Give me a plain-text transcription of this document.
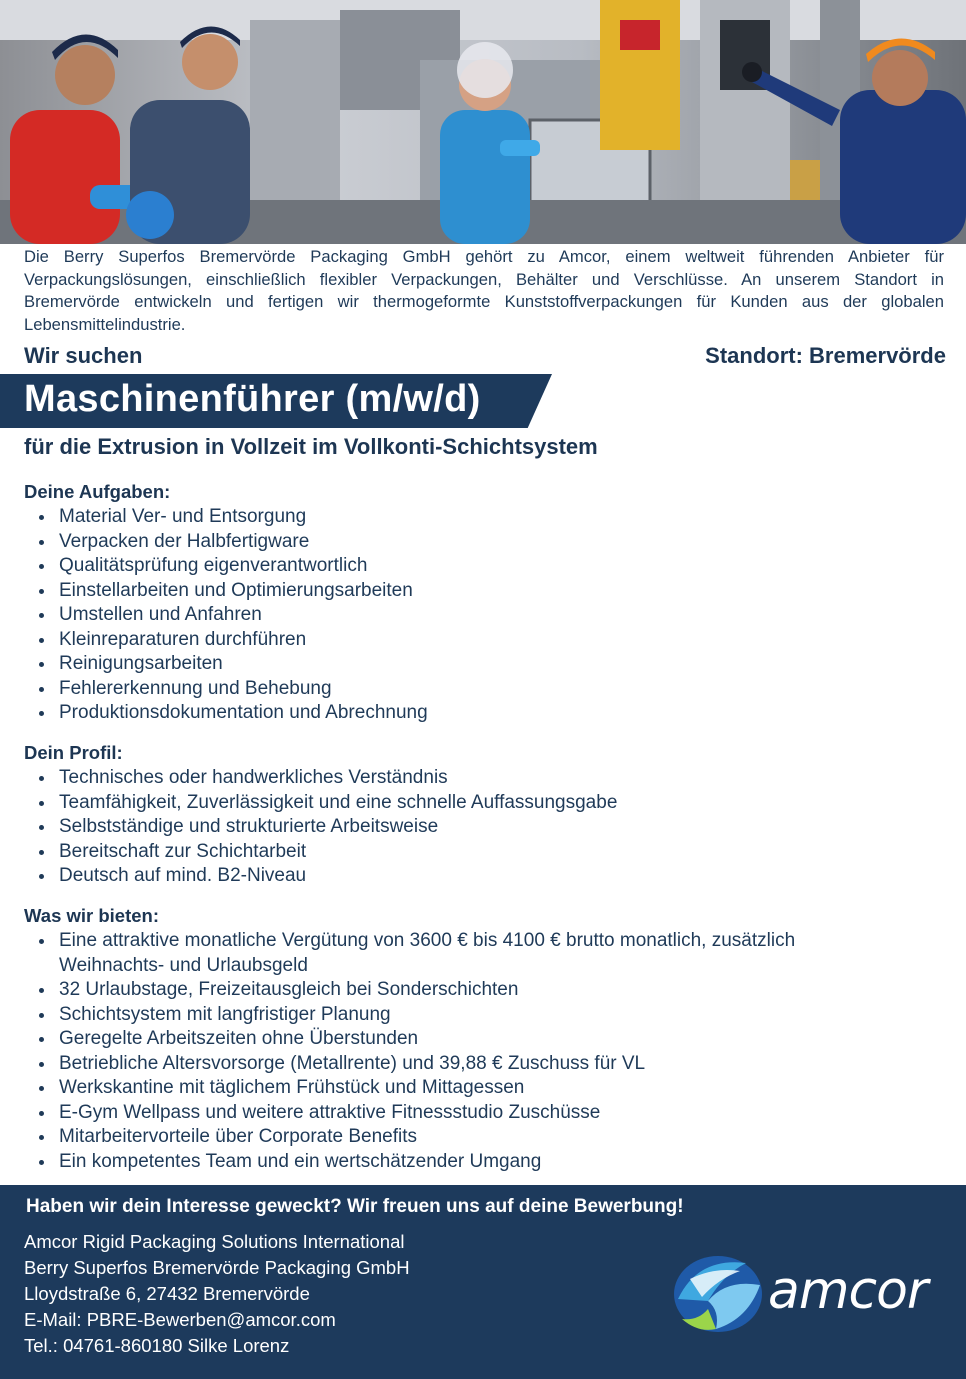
Die Berry Superfos Bremervörde Packaging GmbH gehört zu Amcor, einem weltweit führenden Anbieter für Verpackungslösungen, einschließlich flexibler Verpackungen, Behälter und Verschlüsse. An unserem Standort in Bremervörde entwickeln und fertigen wir thermogeformte Kunststoffverpackungen für Kunden aus der globalen Lebensmittelindustrie.
Wir suchen	Standort: Bremervörde
Maschinenführer (m/w/d)
für die Extrusion in Vollzeit im Vollkonti-Schichtsystem
Deine Aufgaben:
Material Ver- und Entsorgung
Verpacken der Halbfertigware
Qualitätsprüfung eigenverantwortlich
Einstellarbeiten und Optimierungsarbeiten
Umstellen und Anfahren
Kleinreparaturen durchführen
Reinigungsarbeiten
Fehlererkennung und Behebung
Produktionsdokumentation und Abrechnung
Dein Profil:
Technisches oder handwerkliches Verständnis
Teamfähigkeit, Zuverlässigkeit und eine schnelle Auffassungsgabe
Selbstständige und strukturierte Arbeitsweise
Bereitschaft zur Schichtarbeit
Deutsch auf mind. B2-Niveau
Was wir bieten:
Eine attraktive monatliche Vergütung von 3600 € bis 4100 € brutto monatlich, zusätzlich Weihnachts- und Urlaubsgeld
32 Urlaubstage, Freizeitausgleich bei Sonderschichten
Schichtsystem mit langfristiger Planung
Geregelte Arbeitszeiten ohne Überstunden
Betriebliche Altersvorsorge (Metallrente) und 39,88 € Zuschuss für VL
Werkskantine mit täglichem Frühstück und Mittagessen
E-Gym Wellpass und weitere attraktive Fitnessstudio Zuschüsse
Mitarbeitervorteile über Corporate Benefits
Ein kompetentes Team und ein wertschätzender Umgang
Haben wir dein Interesse geweckt? Wir freuen uns auf deine Bewerbung!
Amcor Rigid Packaging Solutions International
Berry Superfos Bremervörde Packaging GmbH
Lloydstraße 6, 27432 Bremervörde
E-Mail: PBRE-Bewerben@amcor.com
Tel.: 04761-860180 Silke Lorenz
amcor
